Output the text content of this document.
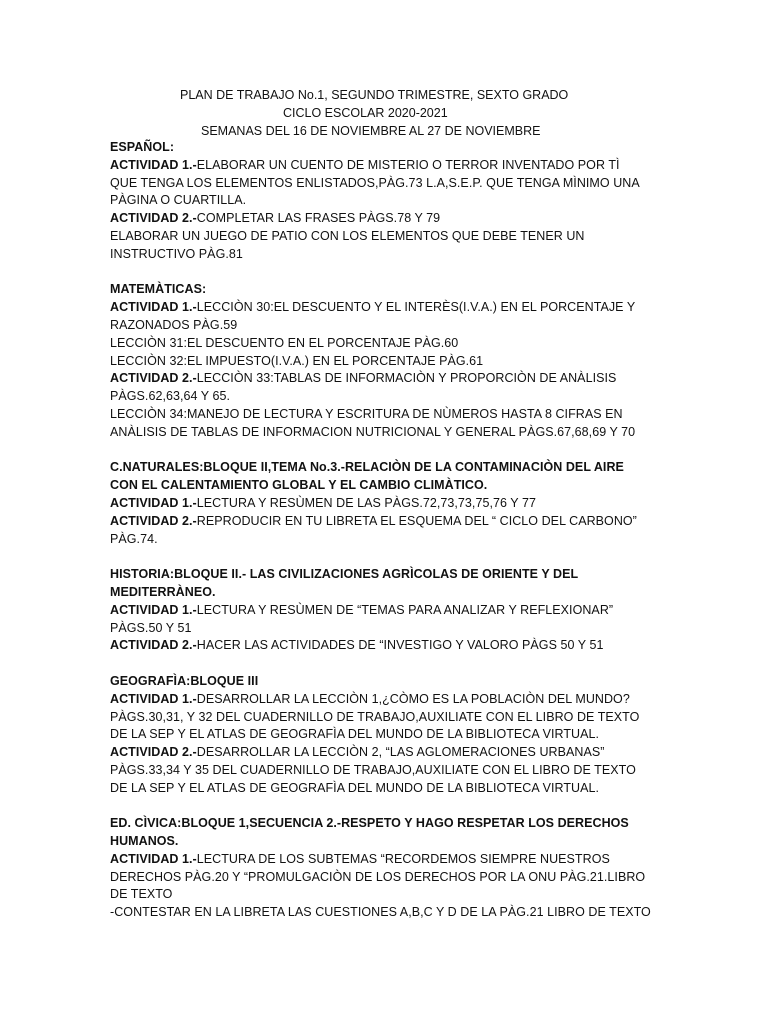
PLAN DE TRABAJO No.1, SEGUNDO TRIMESTRE, SEXTO GRADO
CICLO ESCOLAR 2020-2021
SEMANAS DEL 16 DE NOVIEMBRE AL 27 DE NOVIEMBRE
ESPAÑOL:
ACTIVIDAD 1.-ELABORAR UN CUENTO DE MISTERIO O TERROR INVENTADO POR TÌ
QUE TENGA LOS ELEMENTOS ENLISTADOS,PÀG.73 L.A,S.E.P. QUE TENGA MÌNIMO UNA
PÀGINA O CUARTILLA.
ACTIVIDAD 2.-COMPLETAR LAS FRASES PÀGS.78 Y 79
ELABORAR UN JUEGO DE PATIO CON LOS ELEMENTOS QUE DEBE TENER UN
INSTRUCTIVO PÀG.81
MATEMÀTICAS:
ACTIVIDAD 1.-LECCIÒN 30:EL DESCUENTO Y EL INTERÈS(I.V.A.) EN EL PORCENTAJE Y
RAZONADOS PÀG.59
LECCIÒN 31:EL DESCUENTO EN EL PORCENTAJE PÀG.60
LECCIÒN 32:EL IMPUESTO(I.V.A.) EN EL PORCENTAJE PÀG.61
ACTIVIDAD 2.-LECCIÒN 33:TABLAS DE INFORMACIÒN Y PROPORCIÒN DE ANÀLISIS
PÀGS.62,63,64 Y 65.
LECCIÒN 34:MANEJO DE LECTURA Y ESCRITURA DE NÙMEROS HASTA 8 CIFRAS EN
ANÀLISIS DE TABLAS DE INFORMACION NUTRICIONAL Y GENERAL PÀGS.67,68,69 Y 70
C.NATURALES:BLOQUE II,TEMA No.3.-RELACIÒN DE LA CONTAMINACIÒN DEL AIRE
CON EL CALENTAMIENTO GLOBAL Y EL CAMBIO CLIMÀTICO.
ACTIVIDAD 1.-LECTURA Y RESÙMEN DE LAS PÀGS.72,73,73,75,76 Y 77
ACTIVIDAD 2.-REPRODUCIR EN TU LIBRETA EL ESQUEMA DEL “ CICLO DEL CARBONO”
PÀG.74.
HISTORIA:BLOQUE II.- LAS CIVILIZACIONES AGRÌCOLAS DE ORIENTE Y DEL
MEDITERRÀNEO.
ACTIVIDAD 1.-LECTURA Y RESÙMEN DE “TEMAS PARA ANALIZAR Y REFLEXIONAR”
PÀGS.50 Y 51
ACTIVIDAD 2.-HACER LAS ACTIVIDADES DE “INVESTIGO Y VALORO PÀGS 50 Y 51
GEOGRAFÌA:BLOQUE III
ACTIVIDAD 1.-DESARROLLAR LA LECCIÒN 1,¿CÒMO ES LA POBLACIÒN DEL MUNDO?
PÀGS.30,31, Y 32 DEL CUADERNILLO DE TRABAJO,AUXILIATE CON EL LIBRO DE TEXTO
DE LA SEP Y EL ATLAS DE GEOGRAFÌA DEL MUNDO DE LA BIBLIOTECA VIRTUAL.
ACTIVIDAD 2.-DESARROLLAR LA LECCIÒN 2, “LAS AGLOMERACIONES URBANAS”
PÀGS.33,34 Y 35 DEL CUADERNILLO DE TRABAJO,AUXILIATE CON EL LIBRO DE TEXTO
DE LA SEP Y EL ATLAS DE GEOGRAFÌA DEL MUNDO DE LA BIBLIOTECA VIRTUAL.
ED. CÌVICA:BLOQUE 1,SECUENCIA 2.-RESPETO Y HAGO RESPETAR LOS DERECHOS
HUMANOS.
ACTIVIDAD 1.-LECTURA DE LOS SUBTEMAS “RECORDEMOS SIEMPRE NUESTROS
DERECHOS PÀG.20 Y “PROMULGACIÒN DE LOS DERECHOS POR LA ONU PÀG.21.LIBRO
DE TEXTO
-CONTESTAR EN LA LIBRETA LAS CUESTIONES A,B,C Y D DE LA PÀG.21 LIBRO DE TEXTO
